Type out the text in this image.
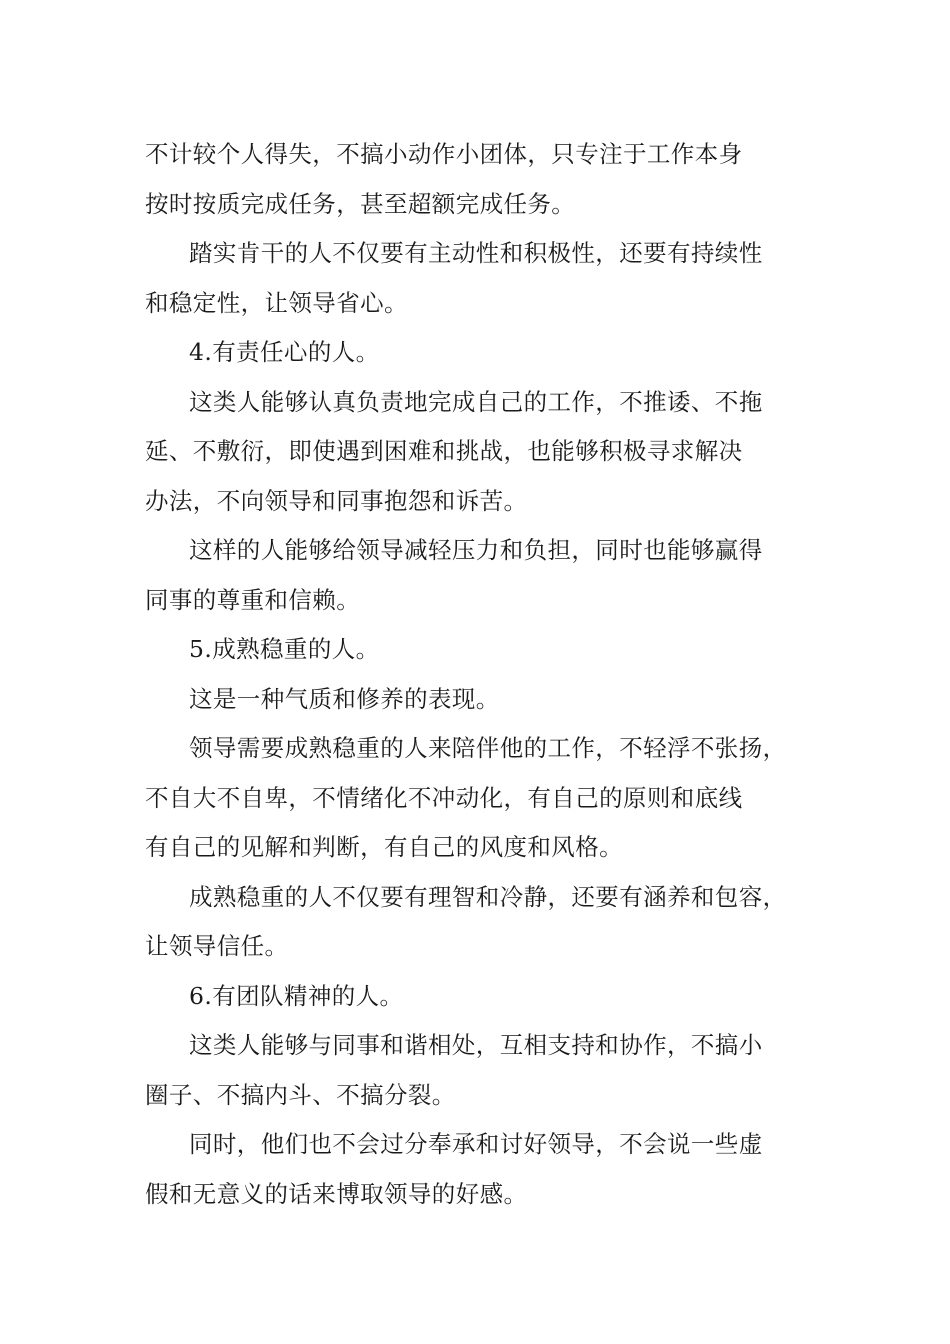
不计较个人得失，不搞小动作小团体，只专注于工作本身
按时按质完成任务，甚至超额完成任务。
踏实肯干的人不仅要有主动性和积极性，还要有持续性
和稳定性，让领导省心。
4.有责任心的人。
这类人能够认真负责地完成自己的工作，不推诿、不拖
延、不敷衍，即使遇到困难和挑战，也能够积极寻求解决
办法，不向领导和同事抱怨和诉苦。
这样的人能够给领导减轻压力和负担，同时也能够赢得
同事的尊重和信赖。
5.成熟稳重的人。
这是一种气质和修养的表现。
领导需要成熟稳重的人来陪伴他的工作，不轻浮不张扬，
不自大不自卑，不情绪化不冲动化，有自己的原则和底线
有自己的见解和判断，有自己的风度和风格。
成熟稳重的人不仅要有理智和冷静，还要有涵养和包容，
让领导信任。
6.有团队精神的人。
这类人能够与同事和谐相处，互相支持和协作，不搞小
圈子、不搞内斗、不搞分裂。
同时，他们也不会过分奉承和讨好领导，不会说一些虚
假和无意义的话来博取领导的好感。
